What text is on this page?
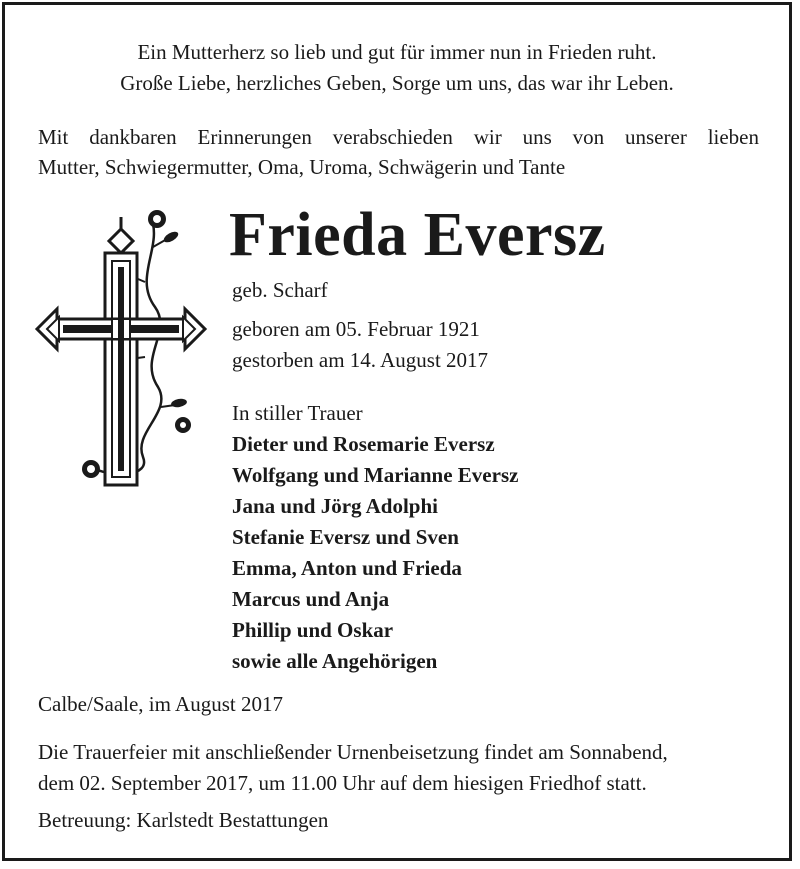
Ein Mutterherz so lieb und gut für immer nun in Frieden ruht.
Große Liebe, herzliches Geben, Sorge um uns, das war ihr Leben.
Mit dankbaren Erinnerungen verabschieden wir uns von unserer lieben
Mutter, Schwiegermutter, Oma, Uroma, Schwägerin und Tante
Frieda Eversz
geb. Scharf
geboren am 05. Februar 1921
gestorben am 14. August 2017
In stiller Trauer
Dieter und Rosemarie Eversz
Wolfgang und Marianne Eversz
Jana und Jörg Adolphi
Stefanie Eversz und Sven
Emma, Anton und Frieda
Marcus und Anja
Phillip und Oskar
sowie alle Angehörigen
Calbe/Saale, im August 2017
Die Trauerfeier mit anschließender Urnenbeisetzung findet am Sonnabend,
dem 02. September 2017, um 11.00 Uhr auf dem hiesigen Friedhof statt.
Betreuung: Karlstedt Bestattungen
